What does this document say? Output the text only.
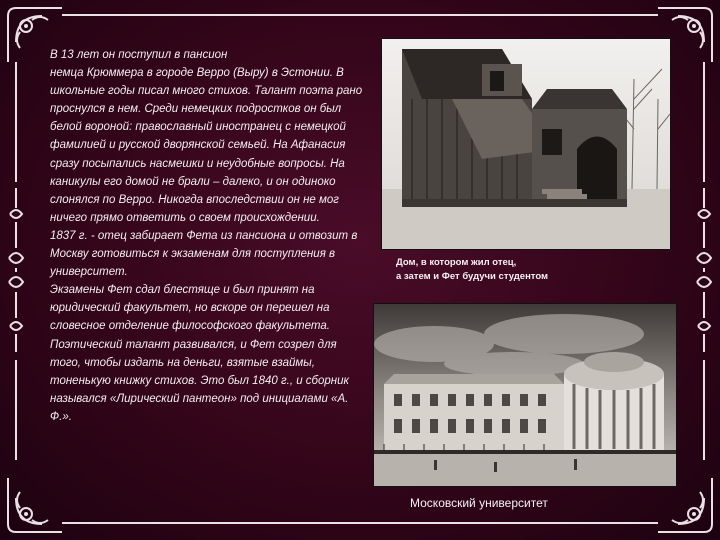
В 13 лет он поступил в пансион
немца Крюммера в городе Верро (Выру) в Эстонии. В школьные годы писал много стихов. Талант поэта рано проснулся в нем. Среди немецких подростков он был белой вороной: православный иностранец с немецкой фамилией и русской дворянской семьей. На Афанасия сразу посыпались насмешки и неудобные вопросы. На каникулы его домой не брали – далеко, и он одиноко слонялся по Верро. Никогда впоследствии он не мог ничего прямо ответить о своем происхождении.
1837 г. - отец забирает Фета из пансиона и отвозит в Москву готовиться к экзаменам для поступления в университет.
Экзамены Фет сдал блестяще и был принят на юридический факультет, но вскоре он перешел на словесное отделение философского факультета. Поэтический талант развивался, и Фет созрел для того, чтобы издать на деньги, взятые взаймы, тоненькую книжку стихов. Это был 1840 г., и сборник назывался «Лирический пантеон» под инициалами «А. Ф.».
Дом, в котором жил отец,
а затем и Фет будучи студентом
Московский университет
